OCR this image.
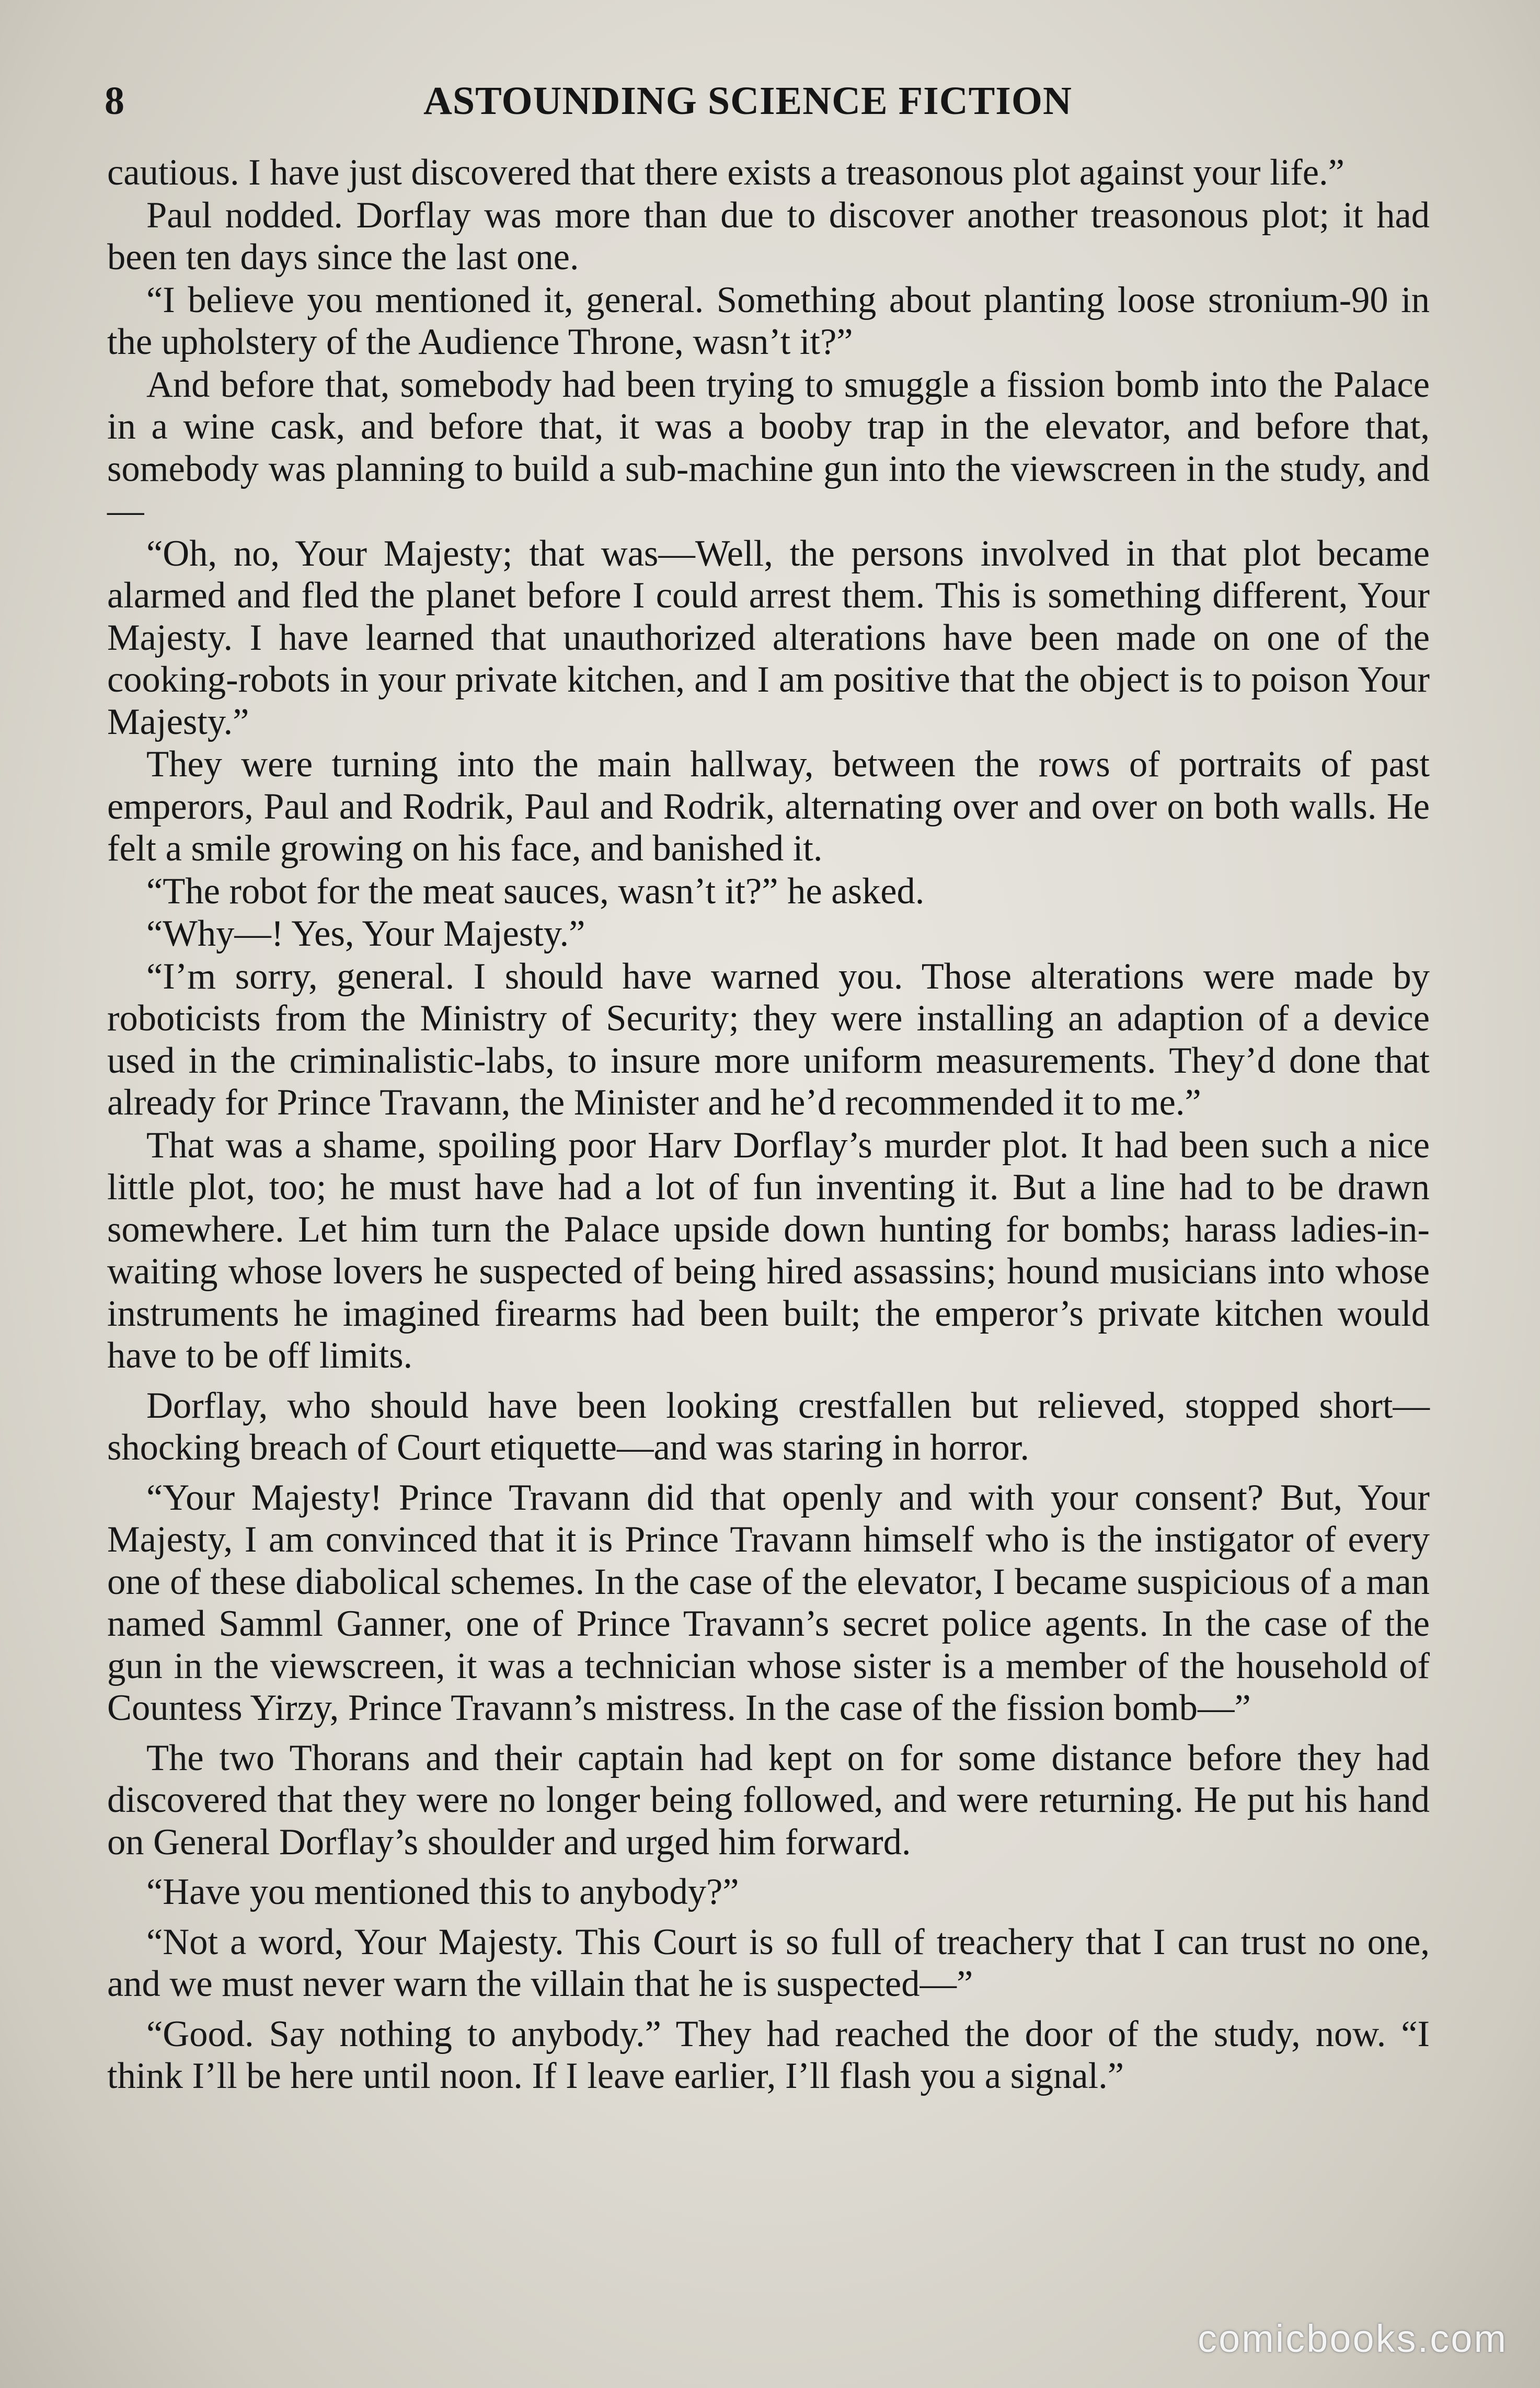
8	ASTOUNDING SCIENCE FICTION

cautious. I have just discovered that there exists a treasonous plot against your life.”

Paul nodded. Dorflay was more than due to discover another treasonous plot; it had been ten days since the last one.

“I believe you mentioned it, general. Something about planting loose stronium-90 in the upholstery of the Audience Throne, wasn’t it?”

And before that, somebody had been trying to smuggle a fission bomb into the Palace in a wine cask, and before that, it was a booby trap in the elevator, and before that, somebody was planning to build a sub-machine gun into the viewscreen in the study, and—

“Oh, no, Your Majesty; that was—Well, the persons involved in that plot became alarmed and fled the planet before I could arrest them. This is something different, Your Majesty. I have learned that unauthorized alterations have been made on one of the cooking-robots in your private kitchen, and I am positive that the object is to poison Your Majesty.”

They were turning into the main hallway, between the rows of portraits of past emperors, Paul and Rodrik, Paul and Rodrik, alternating over and over on both walls. He felt a smile growing on his face, and banished it.

“The robot for the meat sauces, wasn’t it?” he asked.

“Why—! Yes, Your Majesty.”

“I’m sorry, general. I should have warned you. Those alterations were made by roboticists from the Ministry of Security; they were installing an adaption of a device used in the criminalistic-labs, to insure more uniform measurements. They’d done that already for Prince Travann, the Minister and he’d recommended it to me.”

That was a shame, spoiling poor Harv Dorflay’s murder plot. It had been such a nice little plot, too; he must have had a lot of fun inventing it. But a line had to be drawn somewhere. Let him turn the Palace upside down hunting for bombs; harass ladies-in-waiting whose lovers he suspected of being hired assassins; hound musicians into whose instruments he imagined firearms had been built; the emperor’s private kitchen would have to be off limits.

Dorflay, who should have been looking crestfallen but relieved, stopped short—shocking breach of Court etiquette—and was staring in horror.

“Your Majesty! Prince Travann did that openly and with your consent? But, Your Majesty, I am convinced that it is Prince Travann himself who is the instigator of every one of these diabolical schemes. In the case of the elevator, I became suspicious of a man named Samml Ganner, one of Prince Travann’s secret police agents. In the case of the gun in the viewscreen, it was a technician whose sister is a member of the household of Countess Yirzy, Prince Travann’s mistress. In the case of the fission bomb—”

The two Thorans and their captain had kept on for some distance before they had discovered that they were no longer being followed, and were returning. He put his hand on General Dorflay’s shoulder and urged him forward.

“Have you mentioned this to anybody?”

“Not a word, Your Majesty. This Court is so full of treachery that I can trust no one, and we must never warn the villain that he is suspected—”

“Good. Say nothing to anybody.” They had reached the door of the study, now. “I think I’ll be here until noon. If I leave earlier, I’ll flash you a signal.”

comicbooks.com
